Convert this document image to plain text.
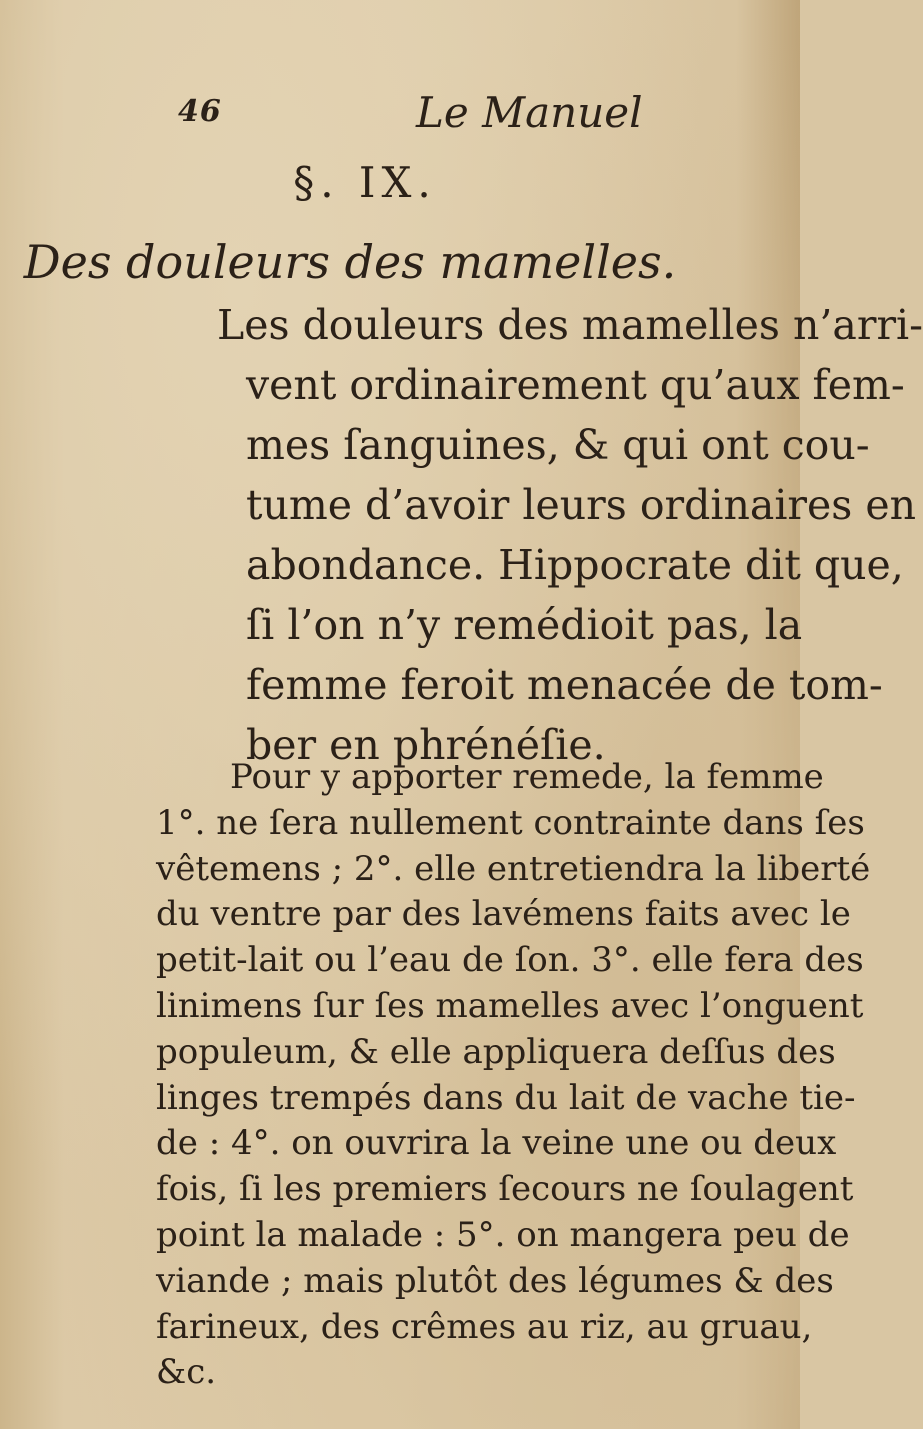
46	Le Manuel
§. IX.
Des douleurs des mamelles.

Les douleurs des mamelles n’arri-
vent ordinairement qu’aux fem-
mes ſanguines, & qui ont cou-
tume d’avoir leurs ordinaires en
abondance. Hippocrate dit que,
ſi l’on n’y remédioit pas, la
femme feroit menacée de tom-
ber en phrénéſie.

Pour y apporter remede, la femme
1°. ne ſera nullement contrainte dans ſes
vêtemens ; 2°. elle entretiendra la liberté
du ventre par des lavémens faits avec le
petit-lait ou l’eau de ſon. 3°. elle fera des
linimens ſur ſes mamelles avec l’onguent
populeum, & elle appliquera deſſus des
linges trempés dans du lait de vache tie-
de : 4°. on ouvrira la veine une ou deux
fois, ſi les premiers ſecours ne ſoulagent
point la malade : 5°. on mangera peu de
viande ; mais plutôt des légumes & des
farineux, des crêmes au riz, au gruau,
&c.
